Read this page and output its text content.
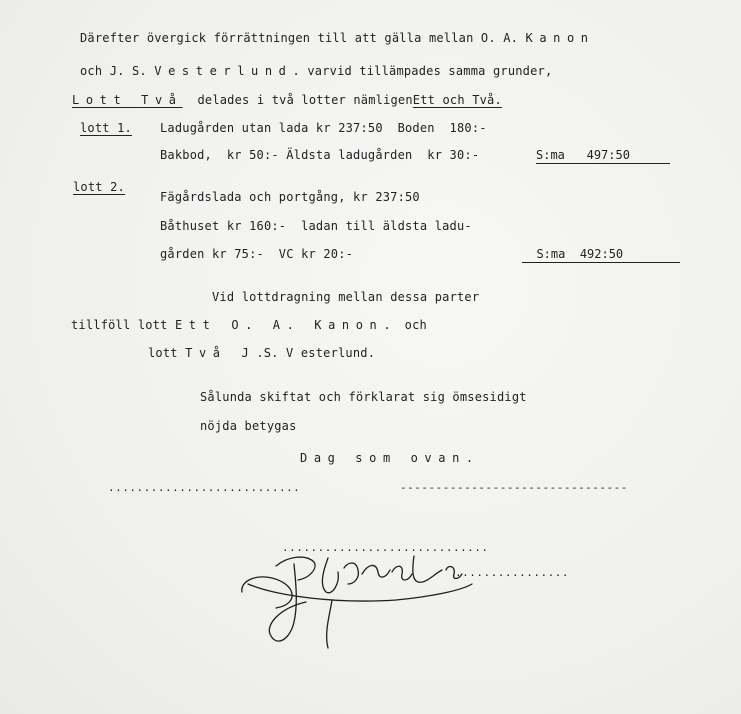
Därefter övergick förrättningen till att gälla mellan O. A. Kanon
och J. S. Vesterlund. varvid tillämpades samma grunder,
Lott Två delades i två lotter nämligenEtt och Två.
lott 1. Ladugården utan lada kr 237:50  Boden  180:-
Bakbod,  kr 50:- Äldsta ladugården  kr 30:-	S:ma 497:50
lott 2.
Fägårdslada och portgång, kr 237:50
Båthuset kr 160:-  ladan till äldsta ladu-
gården kr 75:-  VC kr 20:-	S:ma 492:50
Vid lottdragning mellan dessa parter
tillföll lott Ett O. A. Kanon. och
lott Två J .S. V esterlund.
Sålunda skiftat och förklarat sig ömsesidigt
nöjda betygas
Dag som ovan.
...........................	--------------------------------
.............................
................
